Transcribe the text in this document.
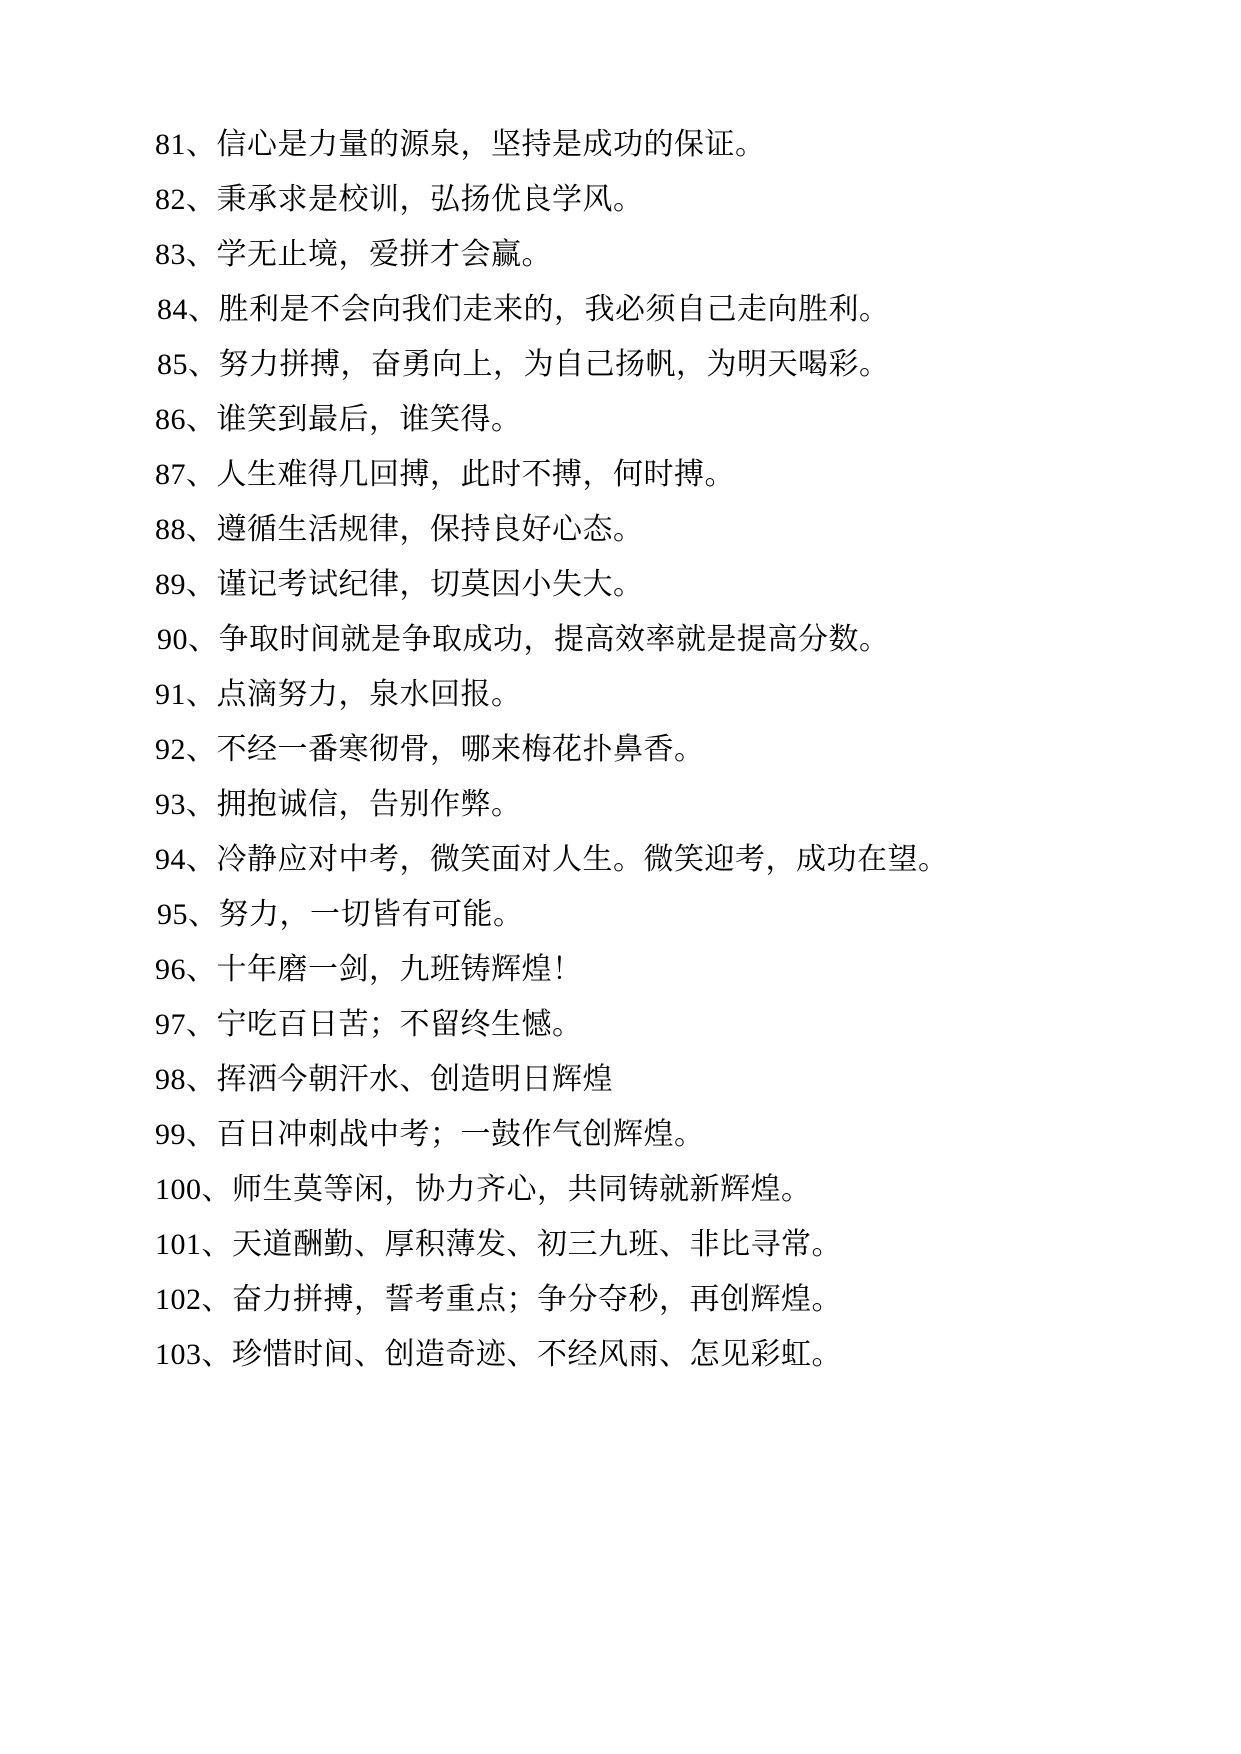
81、信心是力量的源泉，坚持是成功的保证。

82、秉承求是校训，弘扬优良学风。

83、学无止境，爱拼才会赢。

84、胜利是不会向我们走来的，我必须自己走向胜利。

85、努力拼搏，奋勇向上，为自己扬帆，为明天喝彩。

86、谁笑到最后，谁笑得。

87、人生难得几回搏，此时不搏，何时搏。

88、遵循生活规律，保持良好心态。

89、谨记考试纪律，切莫因小失大。

90、争取时间就是争取成功，提高效率就是提高分数。

91、点滴努力，泉水回报。

92、不经一番寒彻骨，哪来梅花扑鼻香。

93、拥抱诚信，告别作弊。

94、冷静应对中考，微笑面对人生。微笑迎考，成功在望。

95、努力，一切皆有可能。

96、十年磨一剑，九班铸辉煌！

97、宁吃百日苦；不留终生憾。

98、挥洒今朝汗水、创造明日辉煌

99、百日冲刺战中考；一鼓作气创辉煌。

100、师生莫等闲，协力齐心，共同铸就新辉煌。

101、天道酬勤、厚积薄发、初三九班、非比寻常。

102、奋力拼搏，誓考重点；争分夺秒，再创辉煌。

103、珍惜时间、创造奇迹、不经风雨、怎见彩虹。
